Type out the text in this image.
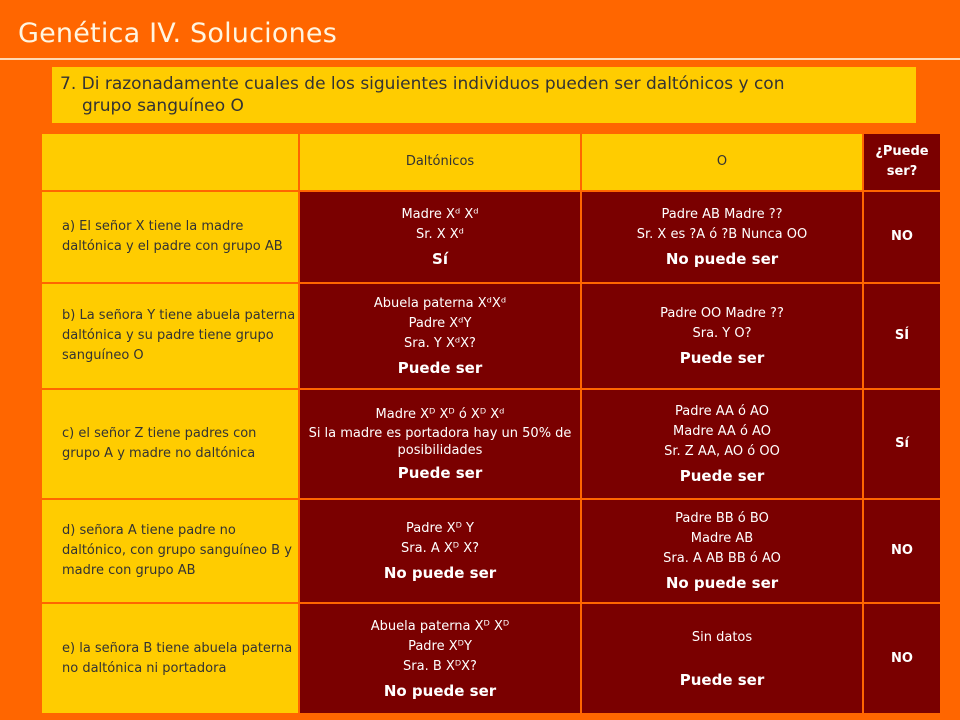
Genética IV. Soluciones
7. Di razonadamente cuales de los siguientes individuos pueden ser daltónicos y con
grupo sanguíneo O
	Daltónicos	O	¿Puede
ser?
a) El señor X tiene la madre daltónica y el padre con grupo AB	Madre Xᵈ Xᵈ
Sr. X Xᵈ
Sí	Padre AB Madre ??
Sr. X es ?A ó ?B Nunca OO
No puede ser	NO
b) La señora Y tiene abuela paterna daltónica y su padre tiene grupo sanguíneo O	Abuela paterna XᵈXᵈ
Padre XᵈY
Sra. Y XᵈX?
Puede ser	Padre OO Madre ??
Sra. Y O?
Puede ser	SÍ
c) el señor Z tiene padres con grupo A y madre no daltónica	Madre Xᴰ Xᴰ ó Xᴰ Xᵈ
Si la madre es portadora hay un 50% de posibilidades
Puede ser	Padre AA ó AO
Madre AA ó AO
Sr. Z AA, AO ó OO
Puede ser	Sí
d) señora A tiene padre no daltónico, con grupo sanguíneo B y madre con grupo AB	Padre Xᴰ Y
Sra. A Xᴰ X?
No puede ser	Padre BB ó BO
Madre AB
Sra. A AB BB ó AO
No puede ser	NO
e) la señora B tiene abuela paterna no daltónica ni portadora	Abuela paterna Xᴰ Xᴰ
Padre XᴰY
Sra. B XᴰX?
No puede ser	Sin datos
Puede ser	NO
